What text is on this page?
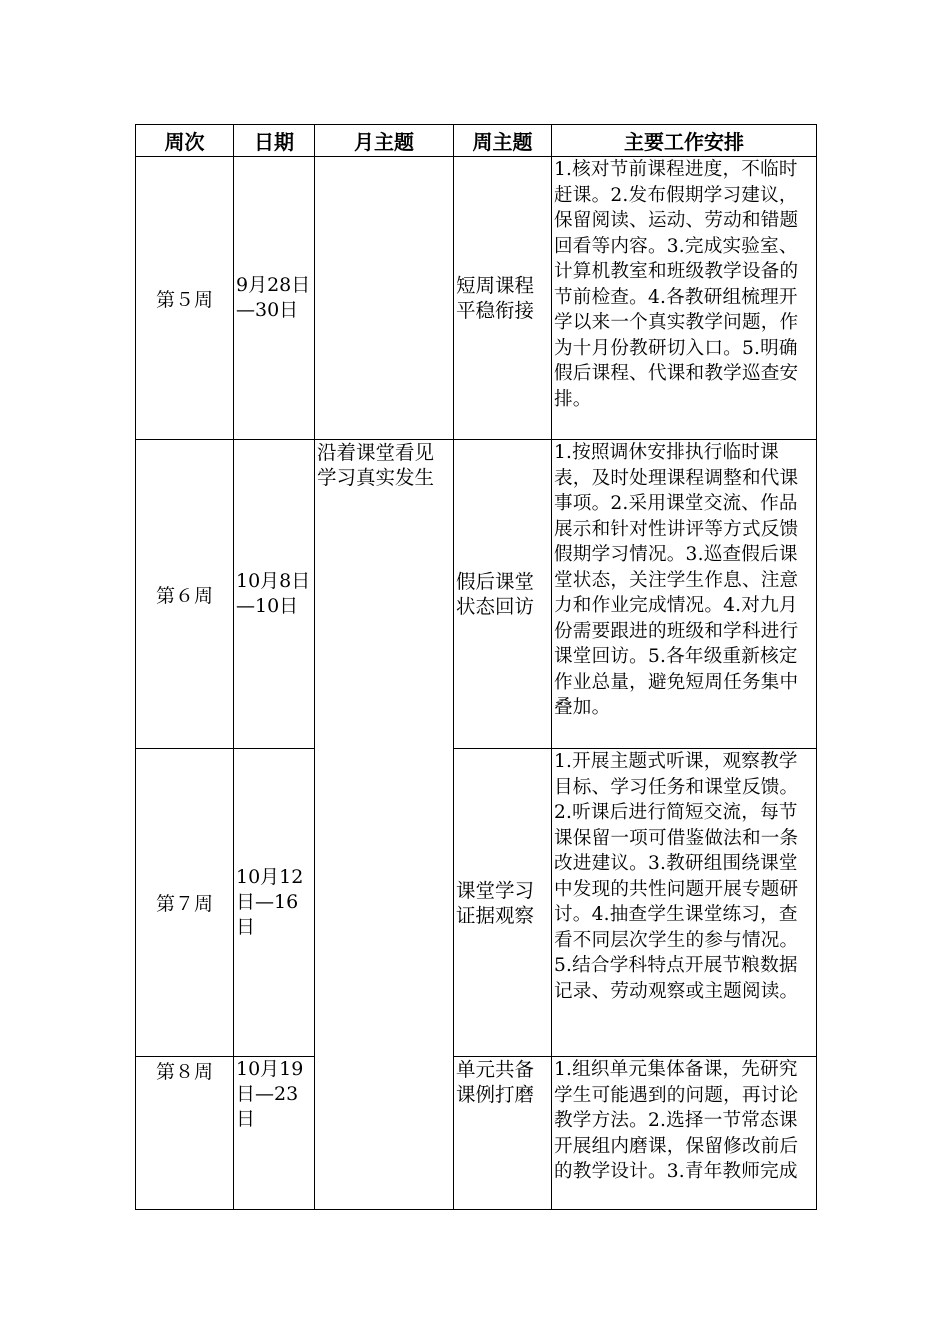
周次	日期	月主题	周主题	主要工作安排
第５周	9月28日—30日		短周课程平稳衔接	1.核对节前课程进度，不临时赶课。2.发布假期学习建议，保留阅读、运动、劳动和错题回看等内容。3.完成实验室、计算机教室和班级教学设备的节前检查。4.各教研组梳理开学以来一个真实教学问题，作为十月份教研切入口。5.明确假后课程、代课和教学巡查安排。
第６周	10月8日—10日	沿着课堂看见学习真实发生	假后课堂状态回访	1.按照调休安排执行临时课表，及时处理课程调整和代课事项。2.采用课堂交流、作品展示和针对性讲评等方式反馈假期学习情况。3.巡查假后课堂状态，关注学生作息、注意力和作业完成情况。4.对九月份需要跟进的班级和学科进行课堂回访。5.各年级重新核定作业总量，避免短周任务集中叠加。
第７周	10月12日—16日		课堂学习证据观察	1.开展主题式听课，观察教学目标、学习任务和课堂反馈。2.听课后进行简短交流，每节课保留一项可借鉴做法和一条改进建议。3.教研组围绕课堂中发现的共性问题开展专题研讨。4.抽查学生课堂练习，查看不同层次学生的参与情况。5.结合学科特点开展节粮数据记录、劳动观察或主题阅读。
第８周	10月19日—23日		单元共备课例打磨	1.组织单元集体备课，先研究学生可能遇到的问题，再讨论教学方法。2.选择一节常态课开展组内磨课，保留修改前后的教学设计。3.青年教师完成
